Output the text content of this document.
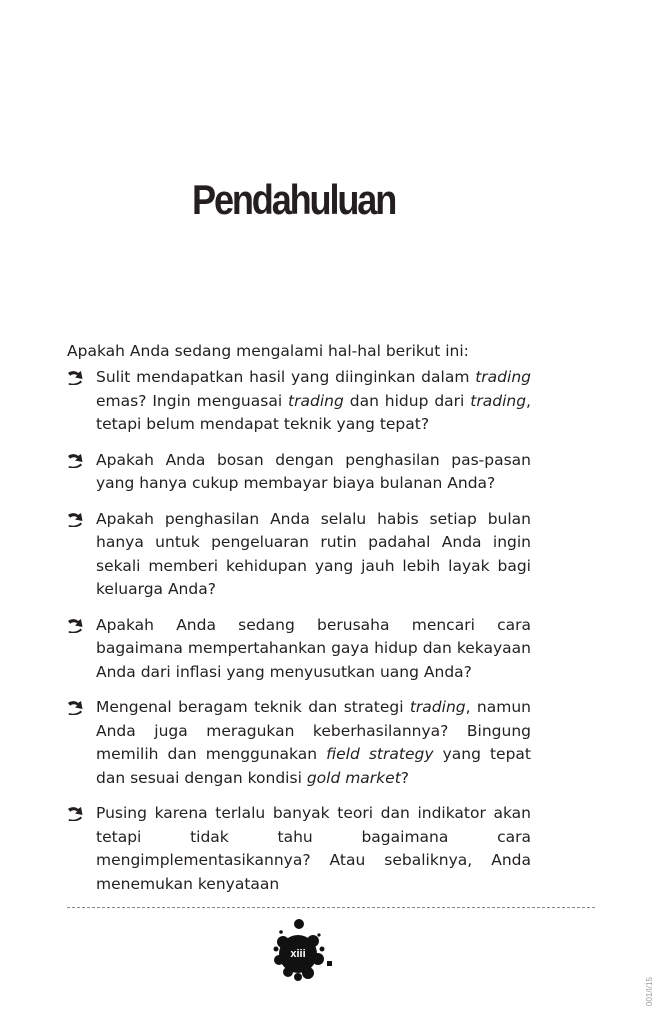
Pendahuluan

Apakah Anda sedang mengalami hal-hal berikut ini:

Sulit mendapatkan hasil yang diinginkan dalam trading emas? Ingin menguasai trading dan hidup dari trading, tetapi belum mendapat teknik yang tepat?
Apakah Anda bosan dengan penghasilan pas-pasan yang hanya cukup membayar biaya bulanan Anda?
Apakah penghasilan Anda selalu habis setiap bulan hanya untuk pengeluaran rutin padahal Anda ingin sekali memberi kehidupan yang jauh lebih layak bagi keluarga Anda?
Apakah Anda sedang berusaha mencari cara bagaimana mempertahankan gaya hidup dan kekayaan Anda dari inflasi yang menyusutkan uang Anda?
Mengenal beragam teknik dan strategi trading, namun Anda juga meragukan keberhasilannya? Bingung memilih dan menggunakan field strategy yang tepat dan sesuai dengan kondisi gold market?
Pusing karena terlalu banyak teori dan indikator akan tetapi tidak tahu bagaimana cara mengimplementasikannya? Atau sebaliknya, Anda menemukan kenyataan
xiii
001/I/15
